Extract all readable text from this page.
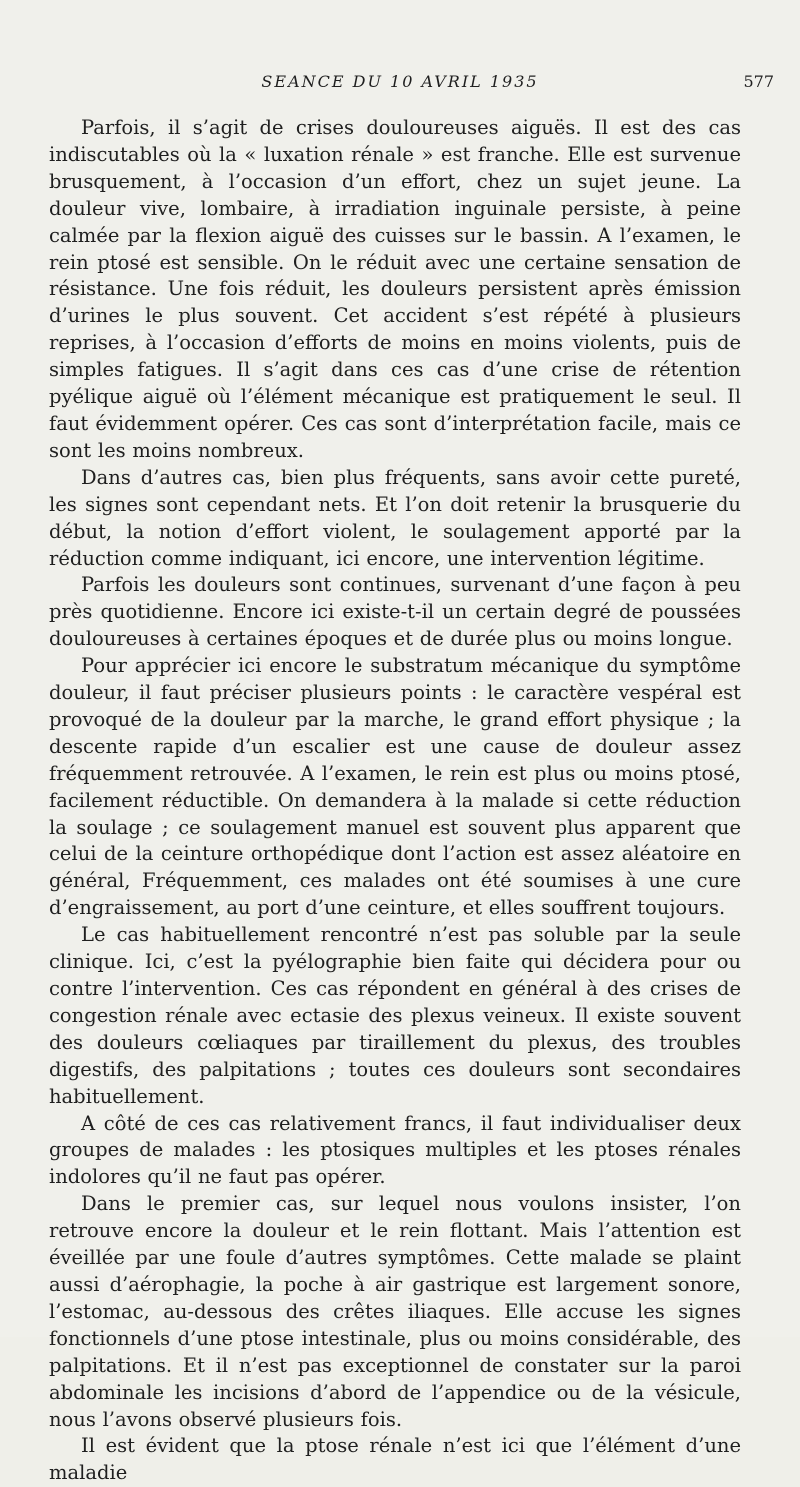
SEANCE DU 10 AVRIL 1935	577

Parfois, il s’agit de crises douloureuses aiguës. Il est des cas indiscutables où la « luxation rénale » est franche. Elle est survenue brusquement, à l’occasion d’un effort, chez un sujet jeune. La douleur vive, lombaire, à irradiation inguinale persiste, à peine calmée par la flexion aiguë des cuisses sur le bassin. A l’examen, le rein ptosé est sensible. On le réduit avec une certaine sensation de résistance. Une fois réduit, les douleurs persistent après émission d’urines le plus souvent. Cet accident s’est répété à plusieurs reprises, à l’occasion d’efforts de moins en moins violents, puis de simples fatigues. Il s’agit dans ces cas d’une crise de rétention pyélique aiguë où l’élément mécanique est pratiquement le seul. Il faut évidemment opérer. Ces cas sont d’interprétation facile, mais ce sont les moins nombreux.

Dans d’autres cas, bien plus fréquents, sans avoir cette pureté, les signes sont cependant nets. Et l’on doit retenir la brusquerie du début, la notion d’effort violent, le soulagement apporté par la réduction comme indiquant, ici encore, une intervention légitime.

Parfois les douleurs sont continues, survenant d’une façon à peu près quotidienne. Encore ici existe-t-il un certain degré de poussées douloureuses à certaines époques et de durée plus ou moins longue.

Pour apprécier ici encore le substratum mécanique du symptôme douleur, il faut préciser plusieurs points : le caractère vespéral est provoqué de la douleur par la marche, le grand effort physique ; la descente rapide d’un escalier est une cause de douleur assez fréquemment retrouvée. A l’examen, le rein est plus ou moins ptosé, facilement réductible. On demandera à la malade si cette réduction la soulage ; ce soulagement manuel est souvent plus apparent que celui de la ceinture orthopédique dont l’action est assez aléatoire en général, Fréquemment, ces malades ont été soumises à une cure d’engraissement, au port d’une ceinture, et elles souffrent toujours.

Le cas habituellement rencontré n’est pas soluble par la seule clinique. Ici, c’est la pyélographie bien faite qui décidera pour ou contre l’intervention. Ces cas répondent en général à des crises de congestion rénale avec ectasie des plexus veineux. Il existe souvent des douleurs cœliaques par tiraillement du plexus, des troubles digestifs, des palpitations ; toutes ces douleurs sont secondaires habituellement.

A côté de ces cas relativement francs, il faut individualiser deux groupes de malades : les ptosiques multiples et les ptoses rénales indolores qu’il ne faut pas opérer.

Dans le premier cas, sur lequel nous voulons insister, l’on retrouve encore la douleur et le rein flottant. Mais l’attention est éveillée par une foule d’autres symptômes. Cette malade se plaint aussi d’aérophagie, la poche à air gastrique est largement sonore, l’estomac, au-dessous des crêtes iliaques. Elle accuse les signes fonctionnels d’une ptose intestinale, plus ou moins considérable, des palpitations. Et il n’est pas exceptionnel de constater sur la paroi abdominale les incisions d’abord de l’appendice ou de la vésicule, nous l’avons observé plusieurs fois.

Il est évident que la ptose rénale n’est ici que l’élément d’une maladie
